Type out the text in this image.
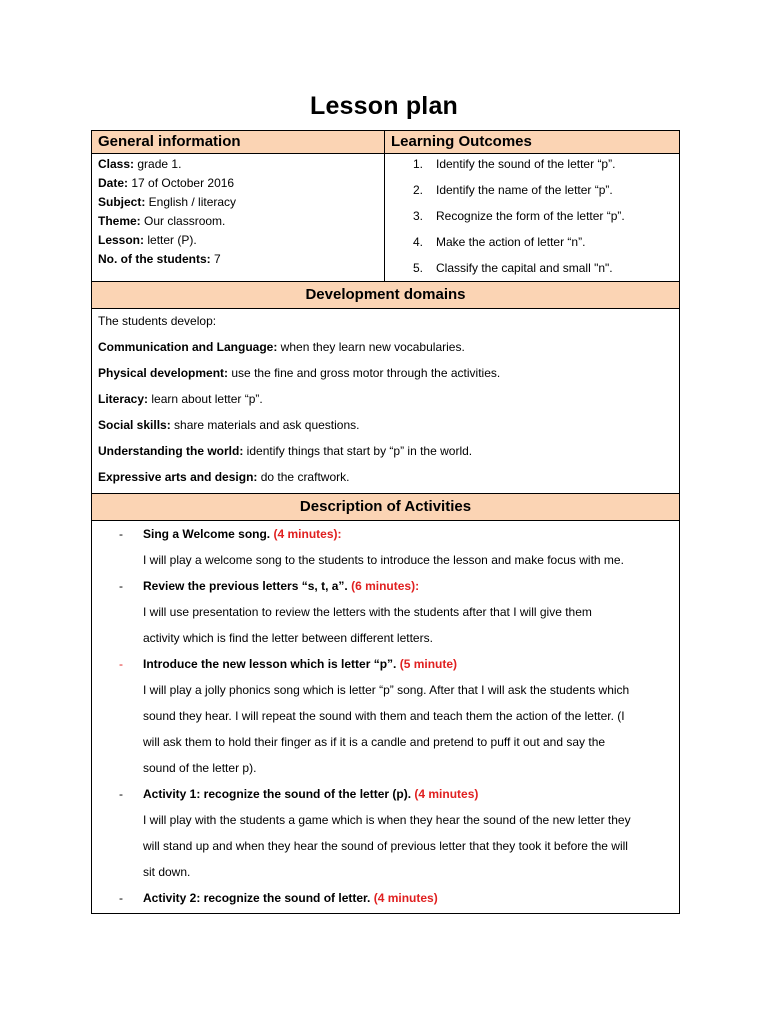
Lesson plan
General information	Learning Outcomes
Class: grade 1.
Date: 17 of October 2016
Subject: English / literacy
Theme: Our classroom.
Lesson: letter (P).
No. of the students: 7
1. Identify the sound of the letter “p”.
2. Identify the name of the letter “p”.
3. Recognize the form of the letter “p”.
4. Make the action of letter “n”.
5. Classify the capital and small "n".
Development domains
The students develop:
Communication and Language: when they learn new vocabularies.
Physical development: use the fine and gross motor through the activities.
Literacy: learn about letter “p”.
Social skills: share materials and ask questions.
Understanding the world: identify things that start by “p” in the world.
Expressive arts and design: do the craftwork.
Description of Activities
- Sing a Welcome song. (4 minutes):
I will play a welcome song to the students to introduce the lesson and make focus with me.
- Review the previous letters “s, t, a”. (6 minutes):
I will use presentation to review the letters with the students after that I will give them
activity which is find the letter between different letters.
- Introduce the new lesson which is letter “p”. (5 minute)
I will play a jolly phonics song which is letter “p” song. After that I will ask the students which
sound they hear. I will repeat the sound with them and teach them the action of the letter. (I
will ask them to hold their finger as if it is a candle and pretend to puff it out and say the
sound of the letter p).
- Activity 1: recognize the sound of the letter (p). (4 minutes)
I will play with the students a game which is when they hear the sound of the new letter they
will stand up and when they hear the sound of previous letter that they took it before the will
sit down.
- Activity 2: recognize the sound of letter. (4 minutes)
